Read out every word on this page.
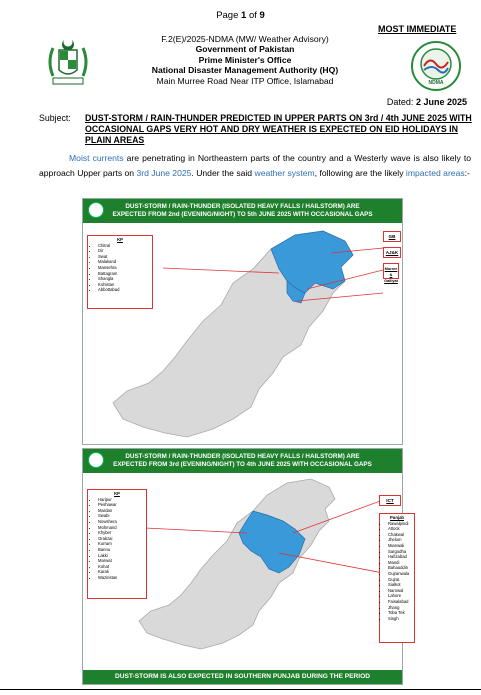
Page 1 of 9
MOST IMMEDIATE
NDMA
F.2(E)/2025-NDMA (MW/ Weather Advisory)
Government of Pakistan
Prime Minister's Office
National Disaster Management Authority (HQ)
Main Murree Road Near ITP Office, Islamabad
Dated: 2 June 2025
Subject: DUST-STORM / RAIN-THUNDER PREDICTED IN UPPER PARTS ON 3rd / 4th JUNE 2025 WITH OCCASIONAL GAPS VERY HOT AND DRY WEATHER IS EXPECTED ON EID HOLIDAYS IN PLAIN AREAS
Moist currents are penetrating in Northeastern parts of the country and a Westerly wave is also likely to approach Upper parts on 3rd June 2025. Under the said weather system, following are the likely impacted areas:-
DUST-STORM / RAIN-THUNDER (ISOLATED HEAVY FALLS / HAILSTORM) ARE
EXPECTED FROM 2nd (EVENING/NIGHT) TO 5th JUNE 2025 WITH OCCASIONAL GAPS
KP
• Chitral
• Dir
• Swat
• Malakand
• Mansehra
• Battagram
• Shangla
• Kohistan
• Abbottabad
GB
AJ&K
Murree & Galliyat
DUST-STORM / RAIN-THUNDER (ISOLATED HEAVY FALLS / HAILSTORM) ARE
EXPECTED FROM 3rd (EVENING/NIGHT) TO 4th JUNE 2025 WITH OCCASIONAL GAPS
KP
• Haripur
• Peshawar
• Mardan
• Swabi
• Nowshera
• Mohmand
• Khyber
• Orakzai
• Kurram
• Bannu
• Lakki
• Marwat
• Kohat
• Karak
• Waziristan
ICT
Punjab
• Rawalpindi
• Attock
• Chakwal
• Jhelum
• Mianwali
• Sargodha
• Hafizabad
• Mandi
• Bahauddin
• Gujranwala
• Gujrat
• Sialkot
• Narowal
• Lahore
• Faisalabad
• Jhang
• Toba Tek
• Singh
DUST-STORM IS ALSO EXPECTED IN SOUTHERN PUNJAB DURING THE PERIOD
